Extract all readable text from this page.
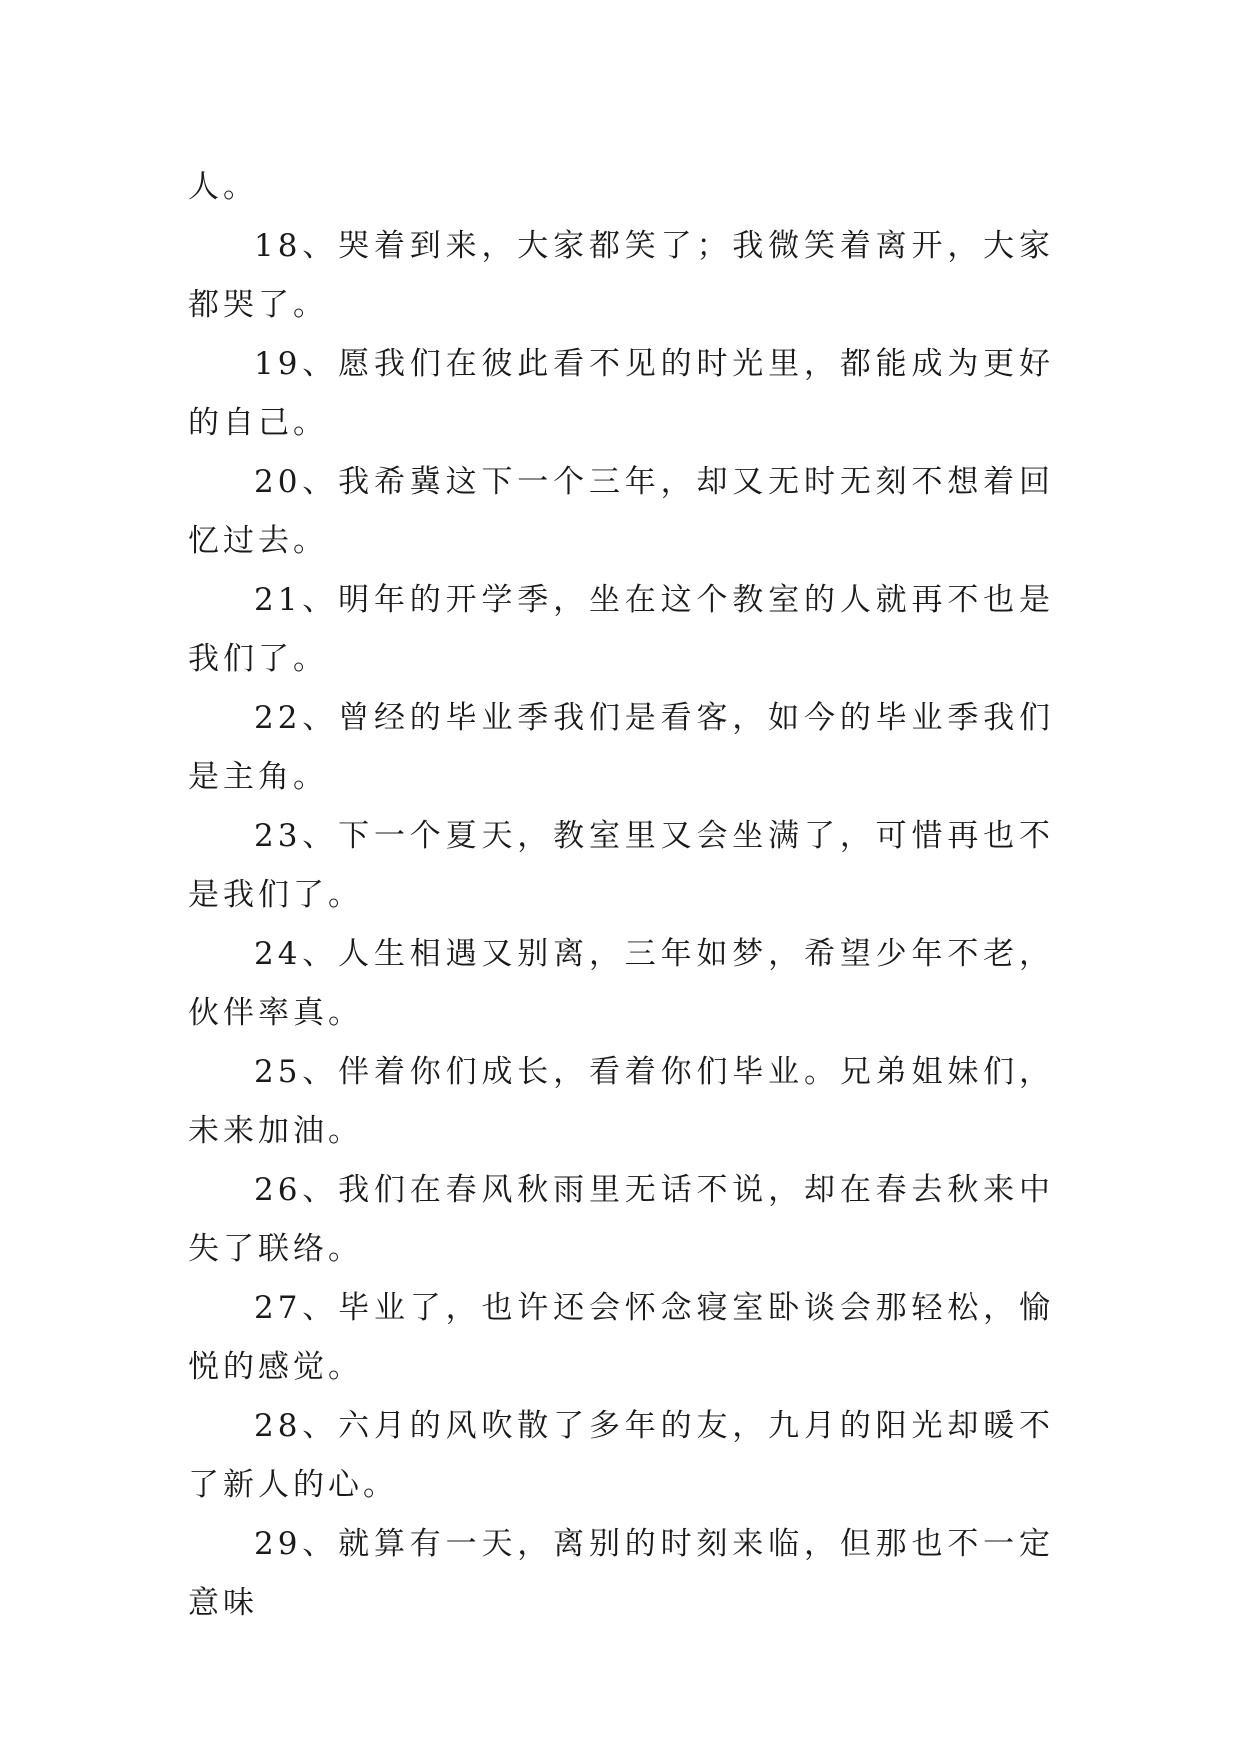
人。

18、哭着到来，大家都笑了；我微笑着离开，大家都哭了。

19、愿我们在彼此看不见的时光里，都能成为更好的自己。

20、我希冀这下一个三年，却又无时无刻不想着回忆过去。

21、明年的开学季，坐在这个教室的人就再不也是我们了。

22、曾经的毕业季我们是看客，如今的毕业季我们是主角。

23、下一个夏天，教室里又会坐满了，可惜再也不是我们了。

24、人生相遇又别离，三年如梦，希望少年不老，伙伴率真。

25、伴着你们成长，看着你们毕业。兄弟姐妹们，未来加油。

26、我们在春风秋雨里无话不说，却在春去秋来中失了联络。

27、毕业了，也许还会怀念寝室卧谈会那轻松，愉悦的感觉。

28、六月的风吹散了多年的友，九月的阳光却暖不了新人的心。

29、就算有一天，离别的时刻来临，但那也不一定意味
